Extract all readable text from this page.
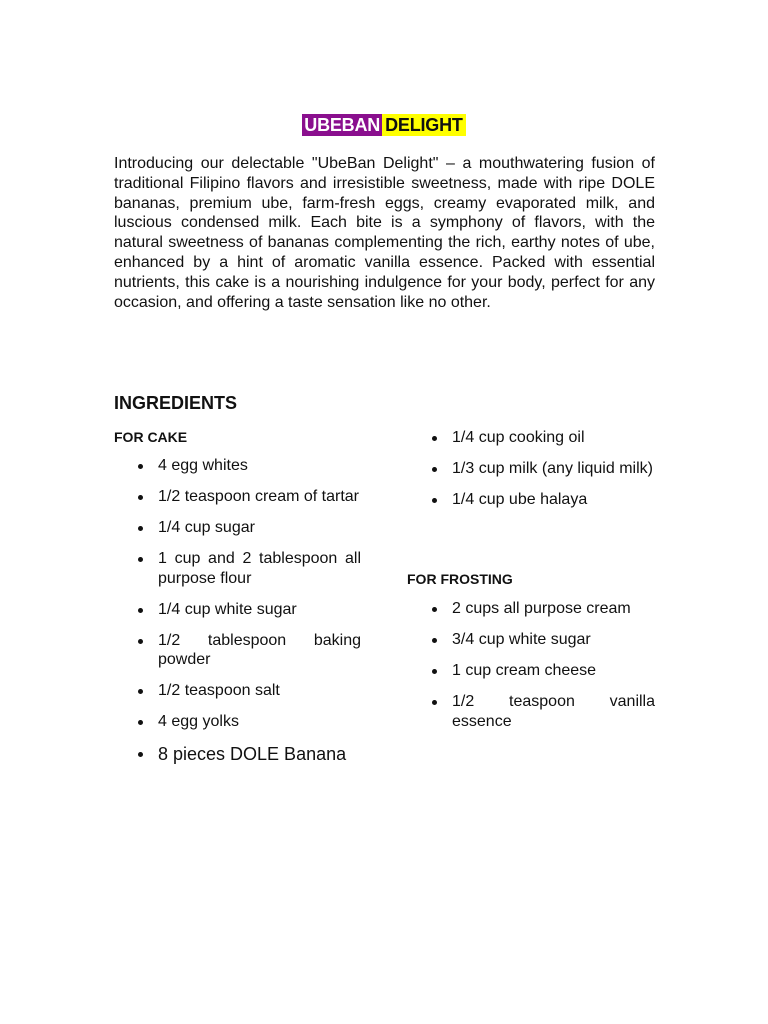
UBEBAN DELIGHT

Introducing our delectable "UbeBan Delight" – a mouthwatering fusion of traditional Filipino flavors and irresistible sweetness, made with ripe DOLE bananas, premium ube, farm-fresh eggs, creamy evaporated milk, and luscious condensed milk. Each bite is a symphony of flavors, with the natural sweetness of bananas complementing the rich, earthy notes of ube, enhanced by a hint of aromatic vanilla essence. Packed with essential nutrients, this cake is a nourishing indulgence for your body, perfect for any occasion, and offering a taste sensation like no other.

INGREDIENTS
FOR CAKE
4 egg whites
1/2 teaspoon cream of tartar
1/4 cup sugar
1 cup and 2 tablespoon all purpose flour
1/4 cup white sugar
1/2 tablespoon baking powder
1/2 teaspoon salt
4 egg yolks
8 pieces DOLE Banana
1/4 cup cooking oil
1/3 cup milk (any liquid milk)
1/4 cup ube halaya
FOR FROSTING
2 cups all purpose cream
3/4 cup white sugar
1 cup cream cheese
1/2 teaspoon vanilla essence
